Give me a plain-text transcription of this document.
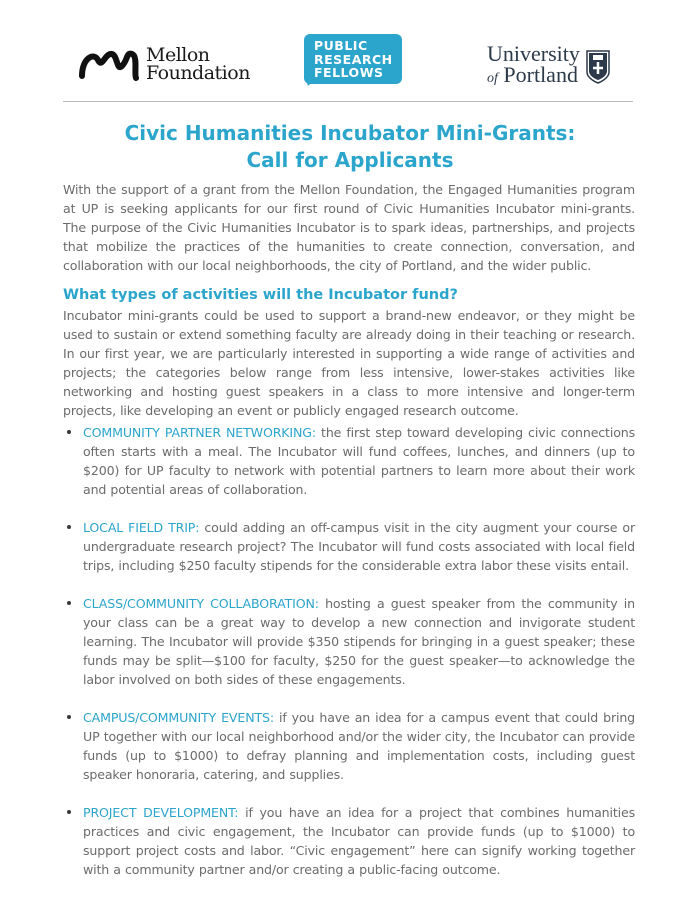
Mellon
Foundation
PUBLIC
RESEARCH
FELLOWS
University
of Portland
Civic Humanities Incubator Mini-Grants:
Call for Applicants

With the support of a grant from the Mellon Foundation, the Engaged Humanities program at UP is seeking applicants for our first round of Civic Humanities Incubator mini-grants. The purpose of the Civic Humanities Incubator is to spark ideas, partnerships, and projects that mobilize the practices of the humanities to create connection, conversation, and collaboration with our local neighborhoods, the city of Portland, and the wider public.

What types of activities will the Incubator fund?

Incubator mini-grants could be used to support a brand-new endeavor, or they might be used to sustain or extend something faculty are already doing in their teaching or research. In our first year, we are particularly interested in supporting a wide range of activities and projects; the categories below range from less intensive, lower-stakes activities like networking and hosting guest speakers in a class to more intensive and longer-term projects, like developing an event or publicly engaged research outcome.

COMMUNITY PARTNER NETWORKING: the first step toward developing civic connections often starts with a meal. The Incubator will fund coffees, lunches, and dinners (up to $200) for UP faculty to network with potential partners to learn more about their work and potential areas of collaboration.
LOCAL FIELD TRIP: could adding an off-campus visit in the city augment your course or undergraduate research project? The Incubator will fund costs associated with local field trips, including $250 faculty stipends for the considerable extra labor these visits entail.
CLASS/COMMUNITY COLLABORATION: hosting a guest speaker from the community in your class can be a great way to develop a new connection and invigorate student learning. The Incubator will provide $350 stipends for bringing in a guest speaker; these funds may be split—$100 for faculty, $250 for the guest speaker—to acknowledge the labor involved on both sides of these engagements.
CAMPUS/COMMUNITY EVENTS: if you have an idea for a campus event that could bring UP together with our local neighborhood and/or the wider city, the Incubator can provide funds (up to $1000) to defray planning and implementation costs, including guest speaker honoraria, catering, and supplies.
PROJECT DEVELOPMENT: if you have an idea for a project that combines humanities practices and civic engagement, the Incubator can provide funds (up to $1000) to support project costs and labor. “Civic engagement” here can signify working together with a community partner and/or creating a public-facing outcome.
